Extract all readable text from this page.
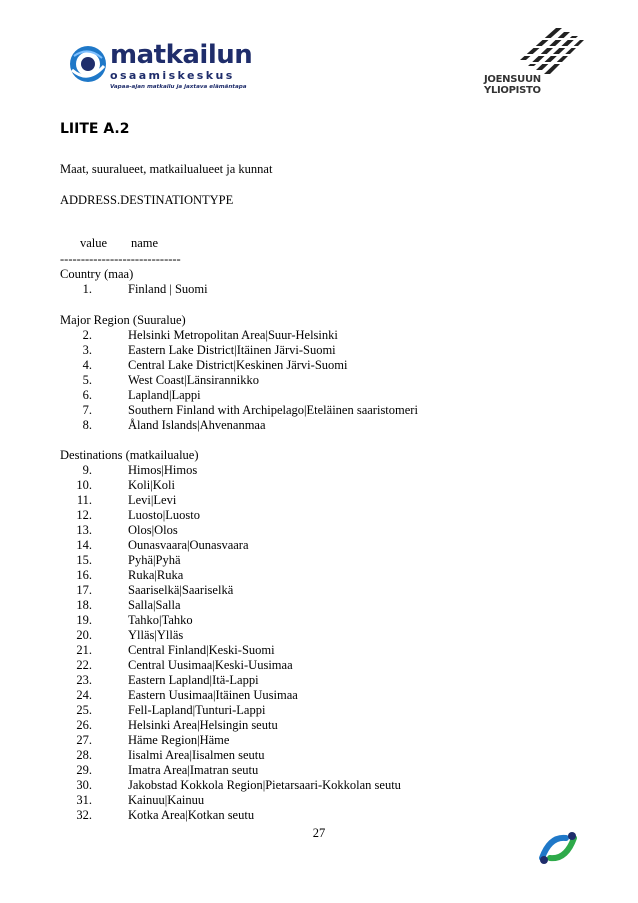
matkailun
osaamiskeskus
Vapaa-ajan matkailu ja jaxtava elämäntapa
JOENSUUN
YLIOPISTO
LIITE A.2
Maat, suuralueet, matkailualueet ja kunnat
ADDRESS.DESTINATIONTYPE
value name
-----------------------------
Country (maa)
1.	Finland | Suomi
Major Region (Suuralue)
2.	Helsinki Metropolitan Area|Suur-Helsinki
3.	Eastern Lake District|Itäinen Järvi-Suomi
4.	Central Lake District|Keskinen Järvi-Suomi
5.	West Coast|Länsirannikko
6.	Lapland|Lappi
7.	Southern Finland with Archipelago|Eteläinen saaristomeri
8.	Åland Islands|Ahvenanmaa
Destinations (matkailualue)
9.	Himos|Himos
10.	Koli|Koli
11.	Levi|Levi
12.	Luosto|Luosto
13.	Olos|Olos
14.	Ounasvaara|Ounasvaara
15.	Pyhä|Pyhä
16.	Ruka|Ruka
17.	Saariselkä|Saariselkä
18.	Salla|Salla
19.	Tahko|Tahko
20.	Ylläs|Ylläs
21.	Central Finland|Keski-Suomi
22.	Central Uusimaa|Keski-Uusimaa
23.	Eastern Lapland|Itä-Lappi
24.	Eastern Uusimaa|Itäinen Uusimaa
25.	Fell-Lapland|Tunturi-Lappi
26.	Helsinki Area|Helsingin seutu
27.	Häme Region|Häme
28.	Iisalmi Area|Iisalmen seutu
29.	Imatra Area|Imatran seutu
30.	Jakobstad Kokkola Region|Pietarsaari-Kokkolan seutu
31.	Kainuu|Kainuu
32.	Kotka Area|Kotkan seutu
27
